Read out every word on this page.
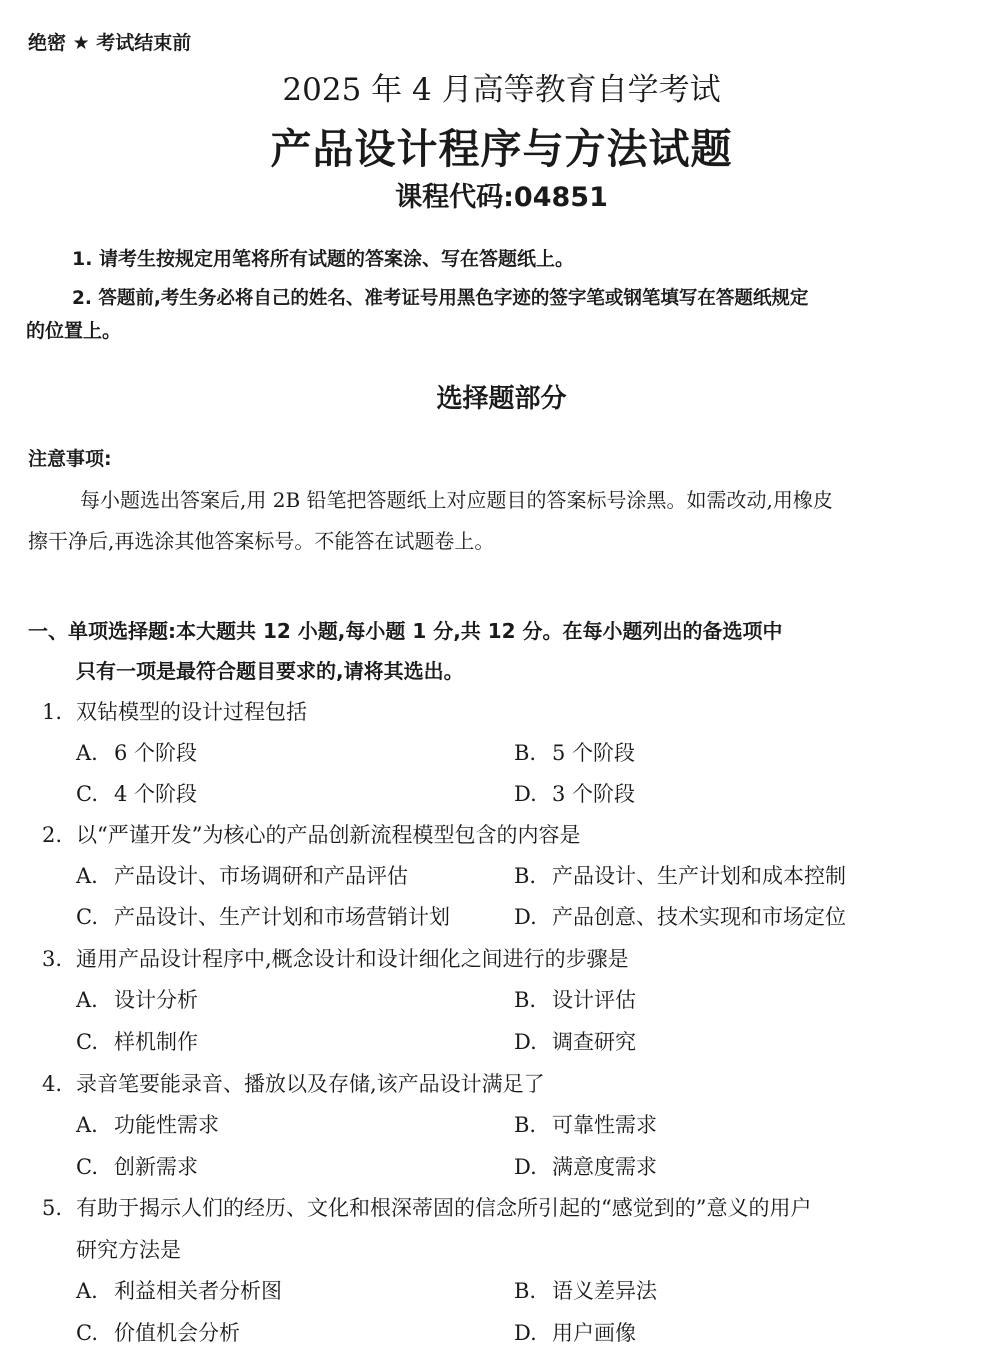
绝密 ★ 考试结束前
2025 年 4 月高等教育自学考试
产品设计程序与方法试题
课程代码:04851
1. 请考生按规定用笔将所有试题的答案涂、写在答题纸上。
2. 答题前,考生务必将自己的姓名、准考证号用黑色字迹的签字笔或钢笔填写在答题纸规定
的位置上。
选择题部分
注意事项:
每小题选出答案后,用 2B 铅笔把答题纸上对应题目的答案标号涂黑。如需改动,用橡皮
擦干净后,再选涂其他答案标号。不能答在试题卷上。
一、单项选择题:本大题共 12 小题,每小题 1 分,共 12 分。在每小题列出的备选项中
只有一项是最符合题目要求的,请将其选出。
1. 双钻模型的设计过程包括
A. 6 个阶段	B. 5 个阶段
C. 4 个阶段	D. 3 个阶段
2. 以“严谨开发”为核心的产品创新流程模型包含的内容是
A. 产品设计、市场调研和产品评估	B. 产品设计、生产计划和成本控制
C. 产品设计、生产计划和市场营销计划	D. 产品创意、技术实现和市场定位
3. 通用产品设计程序中,概念设计和设计细化之间进行的步骤是
A. 设计分析	B. 设计评估
C. 样机制作	D. 调查研究
4. 录音笔要能录音、播放以及存储,该产品设计满足了
A. 功能性需求	B. 可靠性需求
C. 创新需求	D. 满意度需求
5. 有助于揭示人们的经历、文化和根深蒂固的信念所引起的“感觉到的”意义的用户
研究方法是
A. 利益相关者分析图	B. 语义差异法
C. 价值机会分析	D. 用户画像
